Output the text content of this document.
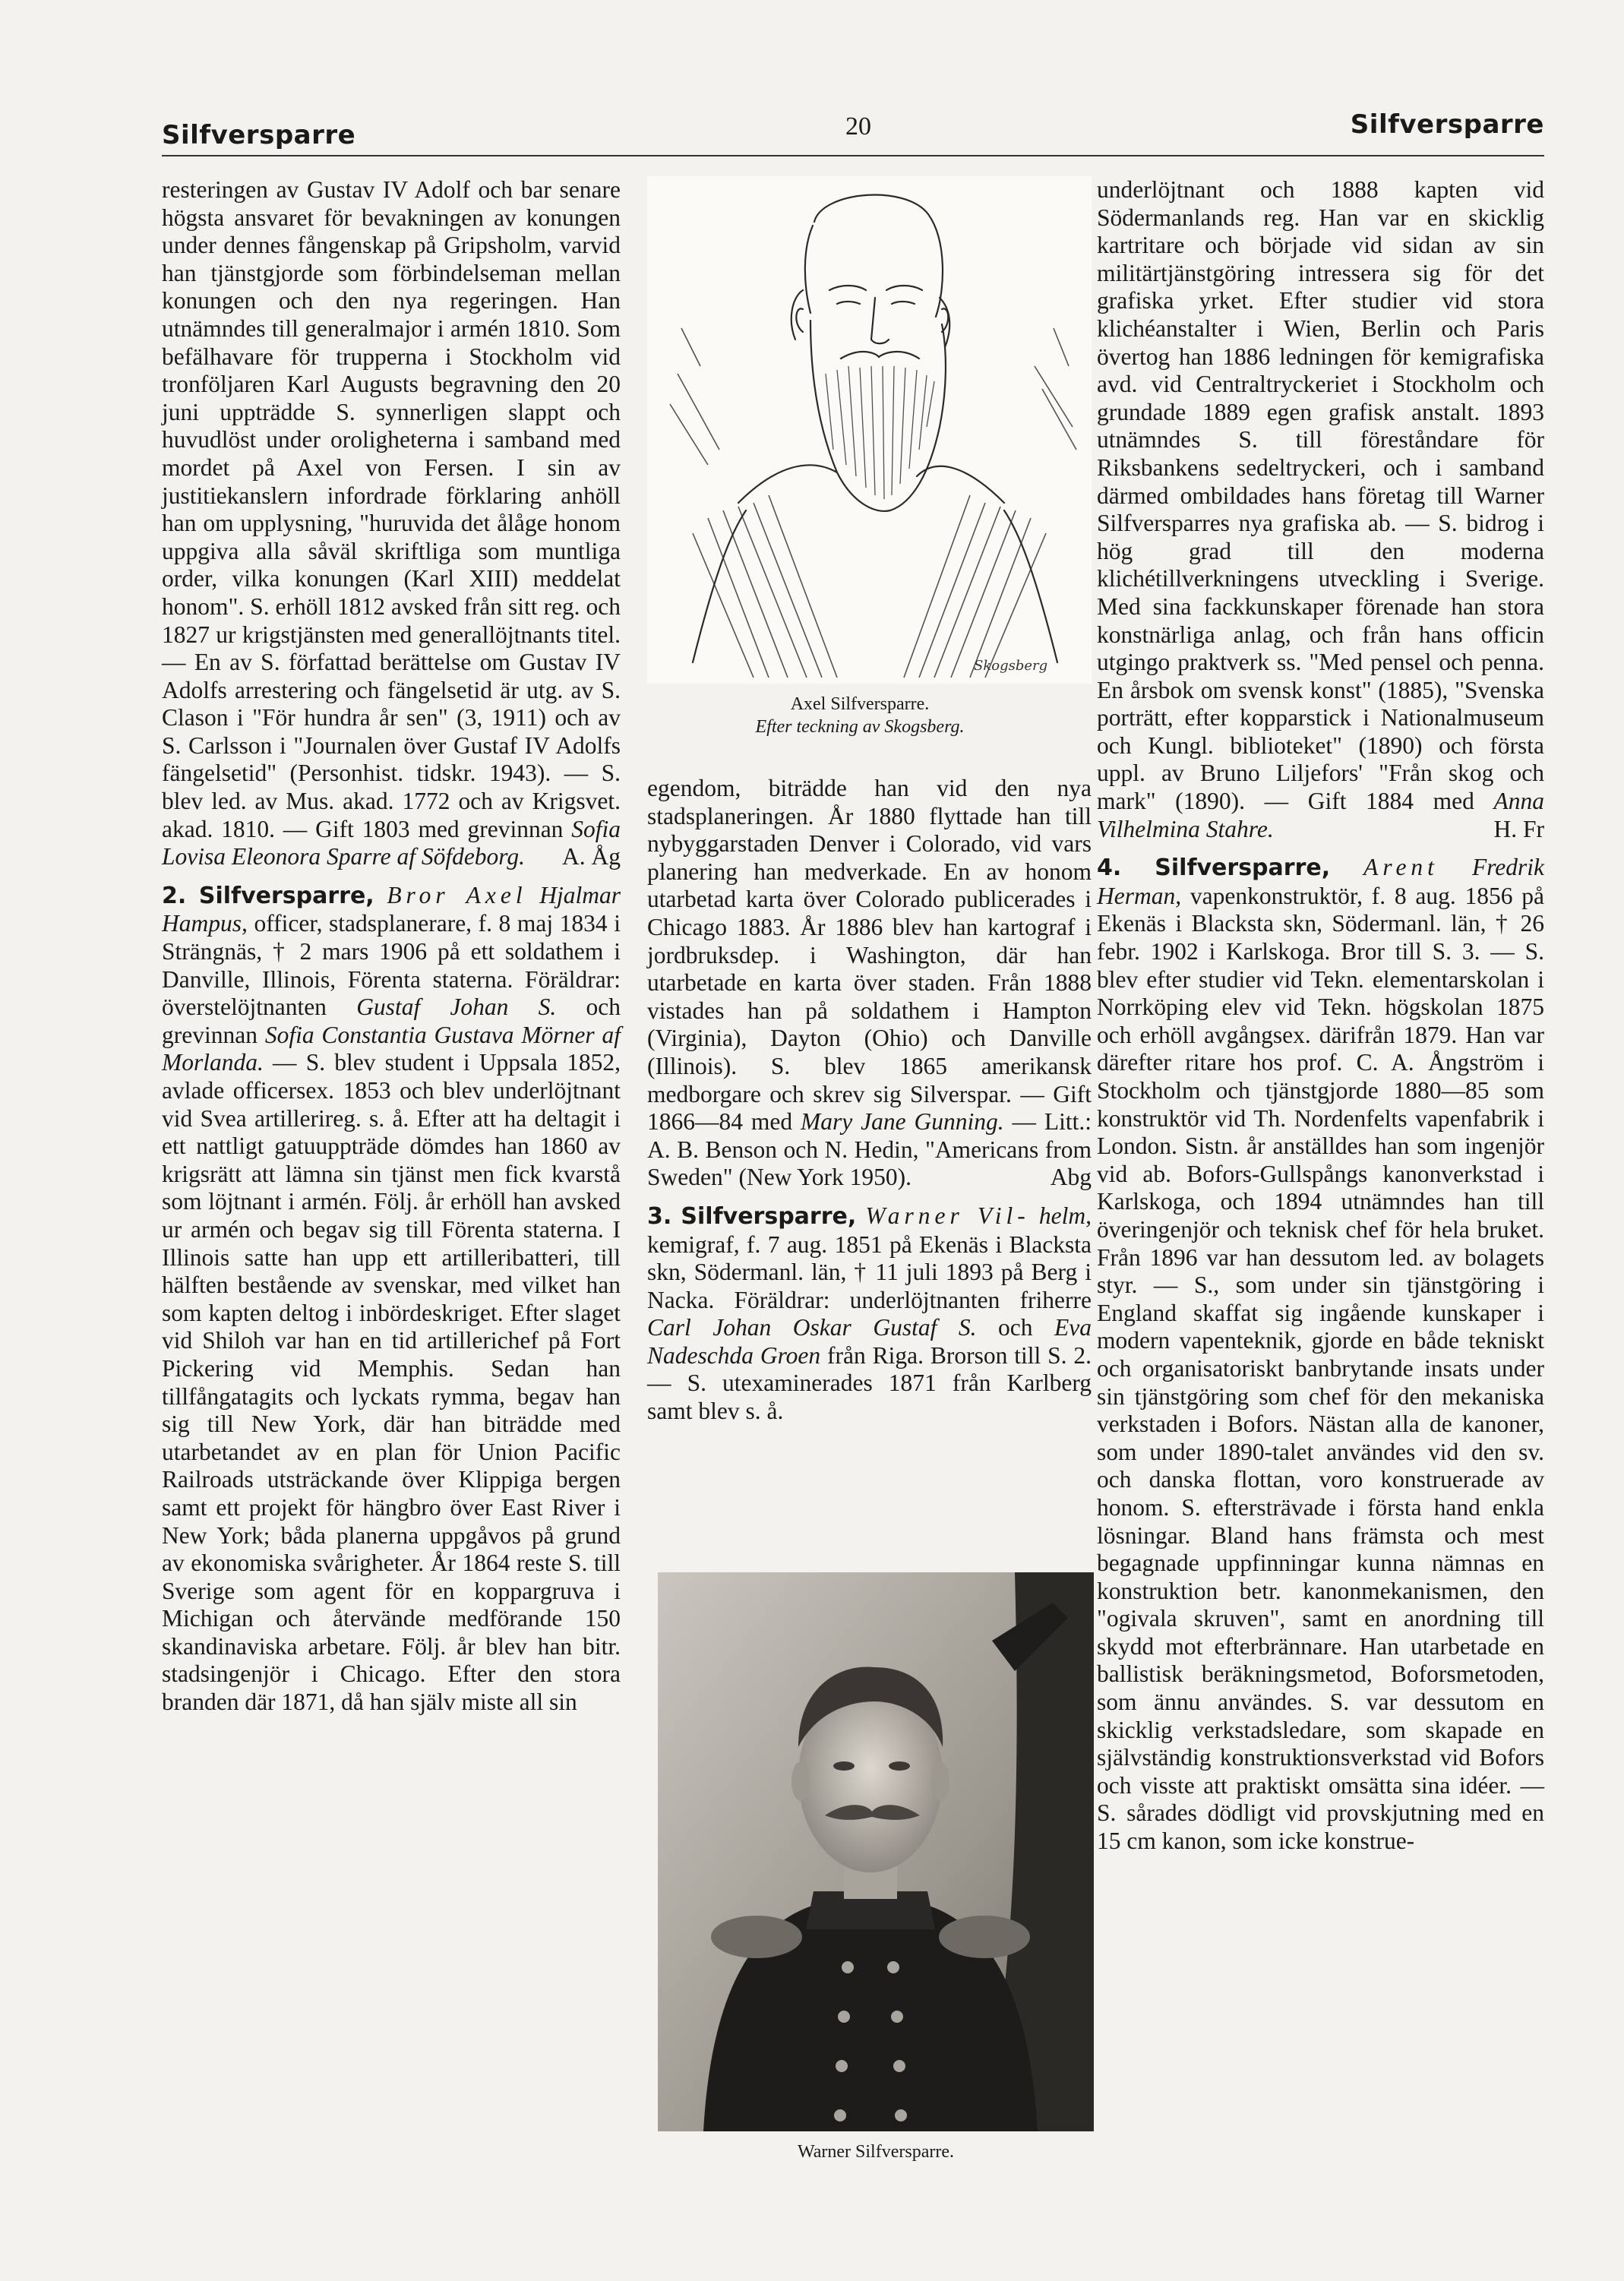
Silfversparre	20	Silfversparre

resteringen av Gustav IV Adolf och bar senare högsta ansvaret för bevakningen av konungen under dennes fångenskap på Gripsholm, varvid han tjänstgjorde som förbindelseman mellan konungen och den nya regeringen. Han utnämndes till generalmajor i armén 1810. Som befälhavare för trupperna i Stockholm vid tronföljaren Karl Augusts begravning den 20 juni uppträdde S. synnerligen slappt och huvudlöst under oroligheterna i samband med mordet på Axel von Fersen. I sin av justitiekanslern infordrade förklaring anhöll han om upplysning, "huruvida det ålåge honom uppgiva alla såväl skriftliga som muntliga order, vilka konungen (Karl XIII) meddelat honom". S. erhöll 1812 avsked från sitt reg. och 1827 ur krigstjänsten med generallöjtnants titel. — En av S. författad berättelse om Gustav IV Adolfs arrestering och fängelsetid är utg. av S. Clason i "För hundra år sen" (3, 1911) och av S. Carlsson i "Journalen över Gustaf IV Adolfs fängelsetid" (Personhist. tidskr. 1943). — S. blev led. av Mus. akad. 1772 och av Krigsvet. akad. 1810. — Gift 1803 med grevinnan Sofia Lovisa Eleonora Sparre af Söfdeborg. A. Åg

2. Silfversparre, Bror Axel Hjalmar Hampus, officer, stadsplanerare, f. 8 maj 1834 i Strängnäs, † 2 mars 1906 på ett soldathem i Danville, Illinois, Förenta staterna. Föräldrar: överstelöjtnanten Gustaf Johan S. och grevinnan Sofia Constantia Gustava Mörner af Morlanda. — S. blev student i Uppsala 1852, avlade officersex. 1853 och blev underlöjtnant vid Svea artillerireg. s. å. Efter att ha deltagit i ett nattligt gatuuppträde dömdes han 1860 av krigsrätt att lämna sin tjänst men fick kvarstå som löjtnant i armén. Följ. år erhöll han avsked ur armén och begav sig till Förenta staterna. I Illinois satte han upp ett artilleribatteri, till hälften bestående av svenskar, med vilket han som kapten deltog i inbördeskriget. Efter slaget vid Shiloh var han en tid artillerichef på Fort Pickering vid Memphis. Sedan han tillfångatagits och lyckats rymma, begav han sig till New York, där han biträdde med utarbetandet av en plan för Union Pacific Railroads utsträckande över Klippiga bergen samt ett projekt för hängbro över East River i New York; båda planerna uppgåvos på grund av ekonomiska svårigheter. År 1864 reste S. till Sverige som agent för en koppargruva i Michigan och återvände medförande 150 skandinaviska arbetare. Följ. år blev han bitr. stadsingenjör i Chicago. Efter den stora branden där 1871, då han själv miste all sin

Skogsberg
Axel Silfversparre.
Efter teckning av Skogsberg.

egendom, biträdde han vid den nya stadsplaneringen. År 1880 flyttade han till nybyggarstaden Denver i Colorado, vid vars planering han medverkade. En av honom utarbetad karta över Colorado publicerades i Chicago 1883. År 1886 blev han kartograf i jordbruksdep. i Washington, där han utarbetade en karta över staden. Från 1888 vistades han på soldathem i Hampton (Virginia), Dayton (Ohio) och Danville (Illinois). S. blev 1865 amerikansk medborgare och skrev sig Silverspar. — Gift 1866—84 med Mary Jane Gunning. — Litt.: A. B. Benson och N. Hedin, "Americans from Sweden" (New York 1950).	Abg

3. Silfversparre, Warner Vil- helm, kemigraf, f. 7 aug. 1851 på Ekenäs i Blacksta skn, Södermanl. län, † 11 juli 1893 på Berg i Nacka. Föräldrar: underlöjtnanten friherre Carl Johan Oskar Gustaf S. och Eva Nadeschda Groen från Riga. Brorson till S. 2. — S. utexaminerades 1871 från Karlberg samt blev s. å.

Warner Silfversparre.

underlöjtnant och 1888 kapten vid Södermanlands reg. Han var en skicklig kartritare och började vid sidan av sin militärtjänstgöring intressera sig för det grafiska yrket. Efter studier vid stora klichéanstalter i Wien, Berlin och Paris övertog han 1886 ledningen för kemigrafiska avd. vid Centraltryckeriet i Stockholm och grundade 1889 egen grafisk anstalt. 1893 utnämndes S. till föreståndare för Riksbankens sedeltryckeri, och i samband därmed ombildades hans företag till Warner Silfversparres nya grafiska ab. — S. bidrog i hög grad till den moderna klichétillverkningens utveckling i Sverige. Med sina fackkunskaper förenade han stora konstnärliga anlag, och från hans officin utgingo praktverk ss. "Med pensel och penna. En årsbok om svensk konst" (1885), "Svenska porträtt, efter kopparstick i Nationalmuseum och Kungl. biblioteket" (1890) och första uppl. av Bruno Liljefors' "Från skog och mark" (1890). — Gift 1884 med Anna Vilhelmina Stahre.	H. Fr

4. Silfversparre, Arent Fredrik Herman, vapenkonstruktör, f. 8 aug. 1856 på Ekenäs i Blacksta skn, Södermanl. län, † 26 febr. 1902 i Karlskoga. Bror till S. 3. — S. blev efter studier vid Tekn. elementarskolan i Norrköping elev vid Tekn. högskolan 1875 och erhöll avgångsex. därifrån 1879. Han var därefter ritare hos prof. C. A. Ångström i Stockholm och tjänstgjorde 1880—85 som konstruktör vid Th. Nordenfelts vapenfabrik i London. Sistn. år anställdes han som ingenjör vid ab. Bofors-Gullspångs kanonverkstad i Karlskoga, och 1894 utnämndes han till överingenjör och teknisk chef för hela bruket. Från 1896 var han dessutom led. av bolagets styr. — S., som under sin tjänstgöring i England skaffat sig ingående kunskaper i modern vapenteknik, gjorde en både tekniskt och organisatoriskt banbrytande insats under sin tjänstgöring som chef för den mekaniska verkstaden i Bofors. Nästan alla de kanoner, som under 1890-talet användes vid den sv. och danska flottan, voro konstruerade av honom. S. eftersträvade i första hand enkla lösningar. Bland hans främsta och mest begagnade uppfinningar kunna nämnas en konstruktion betr. kanonmekanismen, den "ogivala skruven", samt en anordning till skydd mot efterbrännare. Han utarbetade en ballistisk beräkningsmetod, Boforsmetoden, som ännu användes. S. var dessutom en skicklig verkstadsledare, som skapade en självständig konstruktionsverkstad vid Bofors och visste att praktiskt omsätta sina idéer. — S. sårades dödligt vid provskjutning med en 15 cm kanon, som icke konstrue-
